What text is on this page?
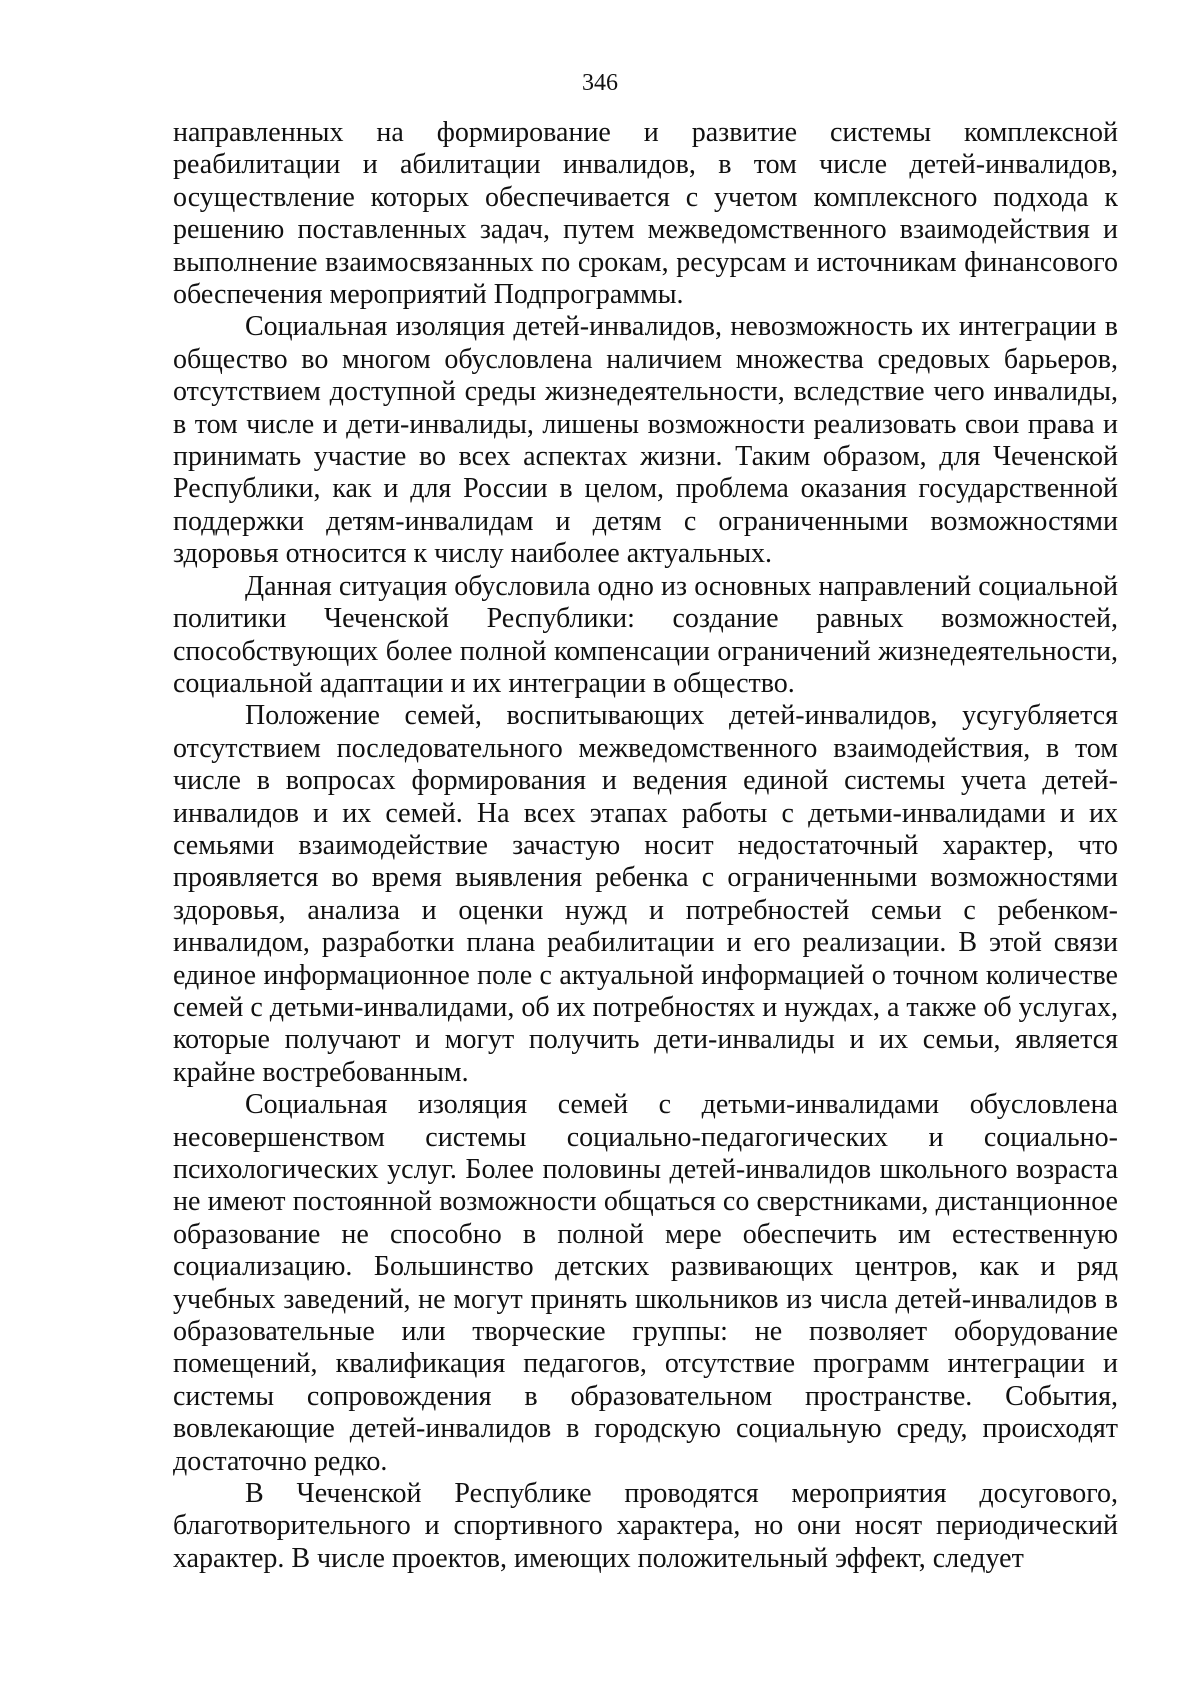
346

направленных на формирование и развитие системы комплексной реабилитации и абилитации инвалидов, в том числе детей-инвалидов, осуществление которых обеспечивается с учетом комплексного подхода к решению поставленных задач, путем межведомственного взаимодействия и выполнение взаимосвязанных по срокам, ресурсам и источникам финансового обеспечения мероприятий Подпрограммы.

Социальная изоляция детей-инвалидов, невозможность их интеграции в общество во многом обусловлена наличием множества средовых барьеров, отсутствием доступной среды жизнедеятельности, вследствие чего инвалиды, в том числе и дети-инвалиды, лишены возможности реализовать свои права и принимать участие во всех аспектах жизни. Таким образом, для Чеченской Республики, как и для России в целом, проблема оказания государственной поддержки детям-инвалидам и детям с ограниченными возможностями здоровья относится к числу наиболее актуальных.

Данная ситуация обусловила одно из основных направлений социальной политики Чеченской Республики: создание равных возможностей, способствующих более полной компенсации ограничений жизнедеятельности, социальной адаптации и их интеграции в общество.

Положение семей, воспитывающих детей-инвалидов, усугубляется отсутствием последовательного межведомственного взаимодействия, в том числе в вопросах формирования и ведения единой системы учета детей-инвалидов и их семей. На всех этапах работы с детьми-инвалидами и их семьями взаимодействие зачастую носит недостаточный характер, что проявляется во время выявления ребенка с ограниченными возможностями здоровья, анализа и оценки нужд и потребностей семьи с ребенком-инвалидом, разработки плана реабилитации и его реализации. В этой связи единое информационное поле с актуальной информацией о точном количестве семей с детьми-инвалидами, об их потребностях и нуждах, а также об услугах, которые получают и могут получить дети-инвалиды и их семьи, является крайне востребованным.

Социальная изоляция семей с детьми-инвалидами обусловлена несовершенством системы социально-педагогических и социально-психологических услуг. Более половины детей-инвалидов школьного возраста не имеют постоянной возможности общаться со сверстниками, дистанционное образование не способно в полной мере обеспечить им естественную социализацию. Большинство детских развивающих центров, как и ряд учебных заведений, не могут принять школьников из числа детей-инвалидов в образовательные или творческие группы: не позволяет оборудование помещений, квалификация педагогов, отсутствие программ интеграции и системы сопровождения в образовательном пространстве. События, вовлекающие детей-инвалидов в городскую социальную среду, происходят достаточно редко.

В Чеченской Республике проводятся мероприятия досугового, благотворительного и спортивного характера, но они носят периодический характер. В числе проектов, имеющих положительный эффект, следует
